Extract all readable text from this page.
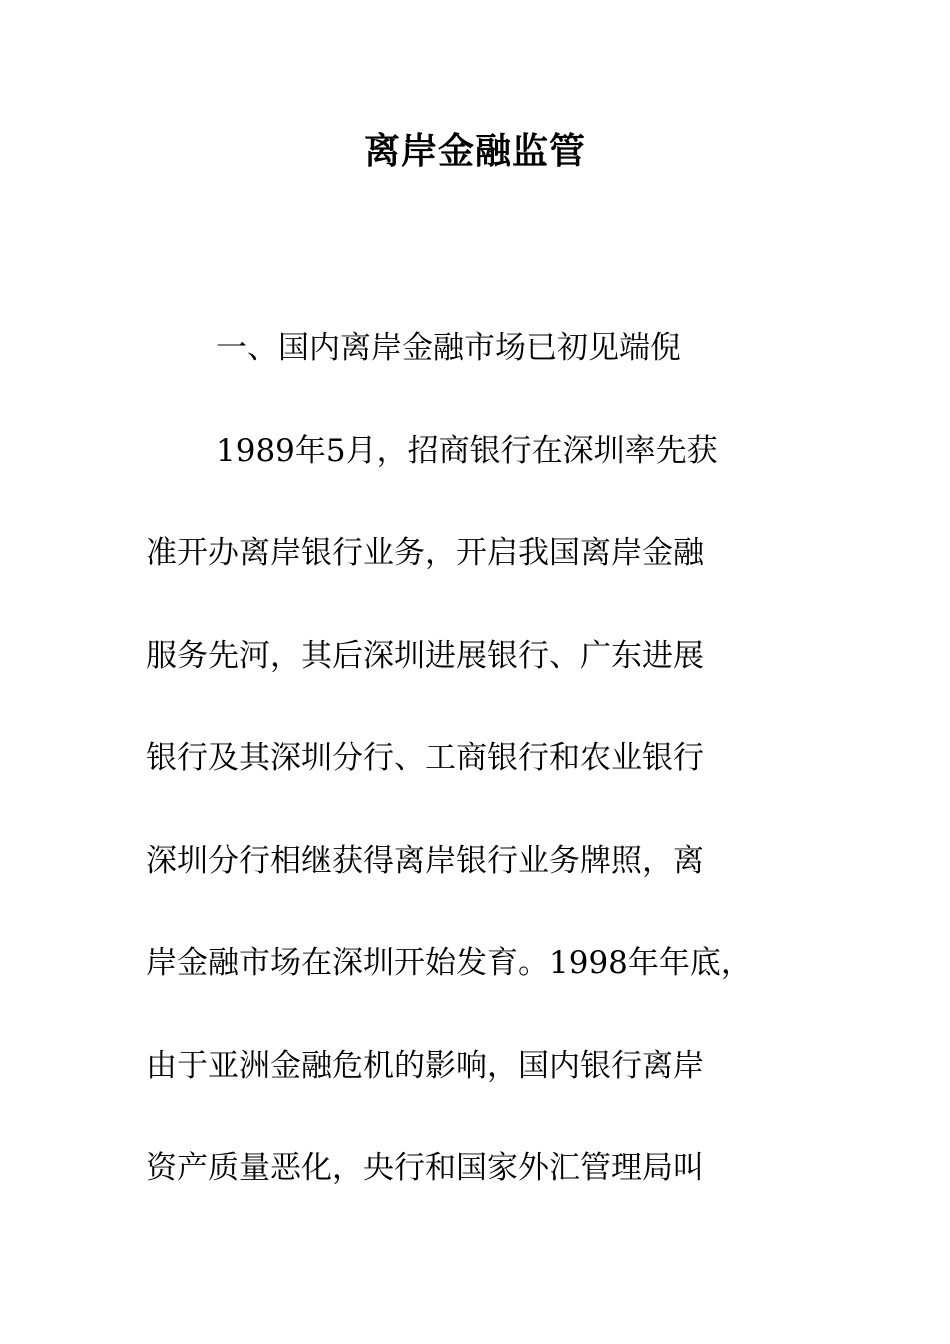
离岸金融监管
一、国内离岸金融市场已初见端倪
1989年5月，招商银行在深圳率先获
准开办离岸银行业务，开启我国离岸金融
服务先河，其后深圳进展银行、广东进展
银行及其深圳分行、工商银行和农业银行
深圳分行相继获得离岸银行业务牌照，离
岸金融市场在深圳开始发育。1998年年底，
由于亚洲金融危机的影响，国内银行离岸
资产质量恶化，央行和国家外汇管理局叫
